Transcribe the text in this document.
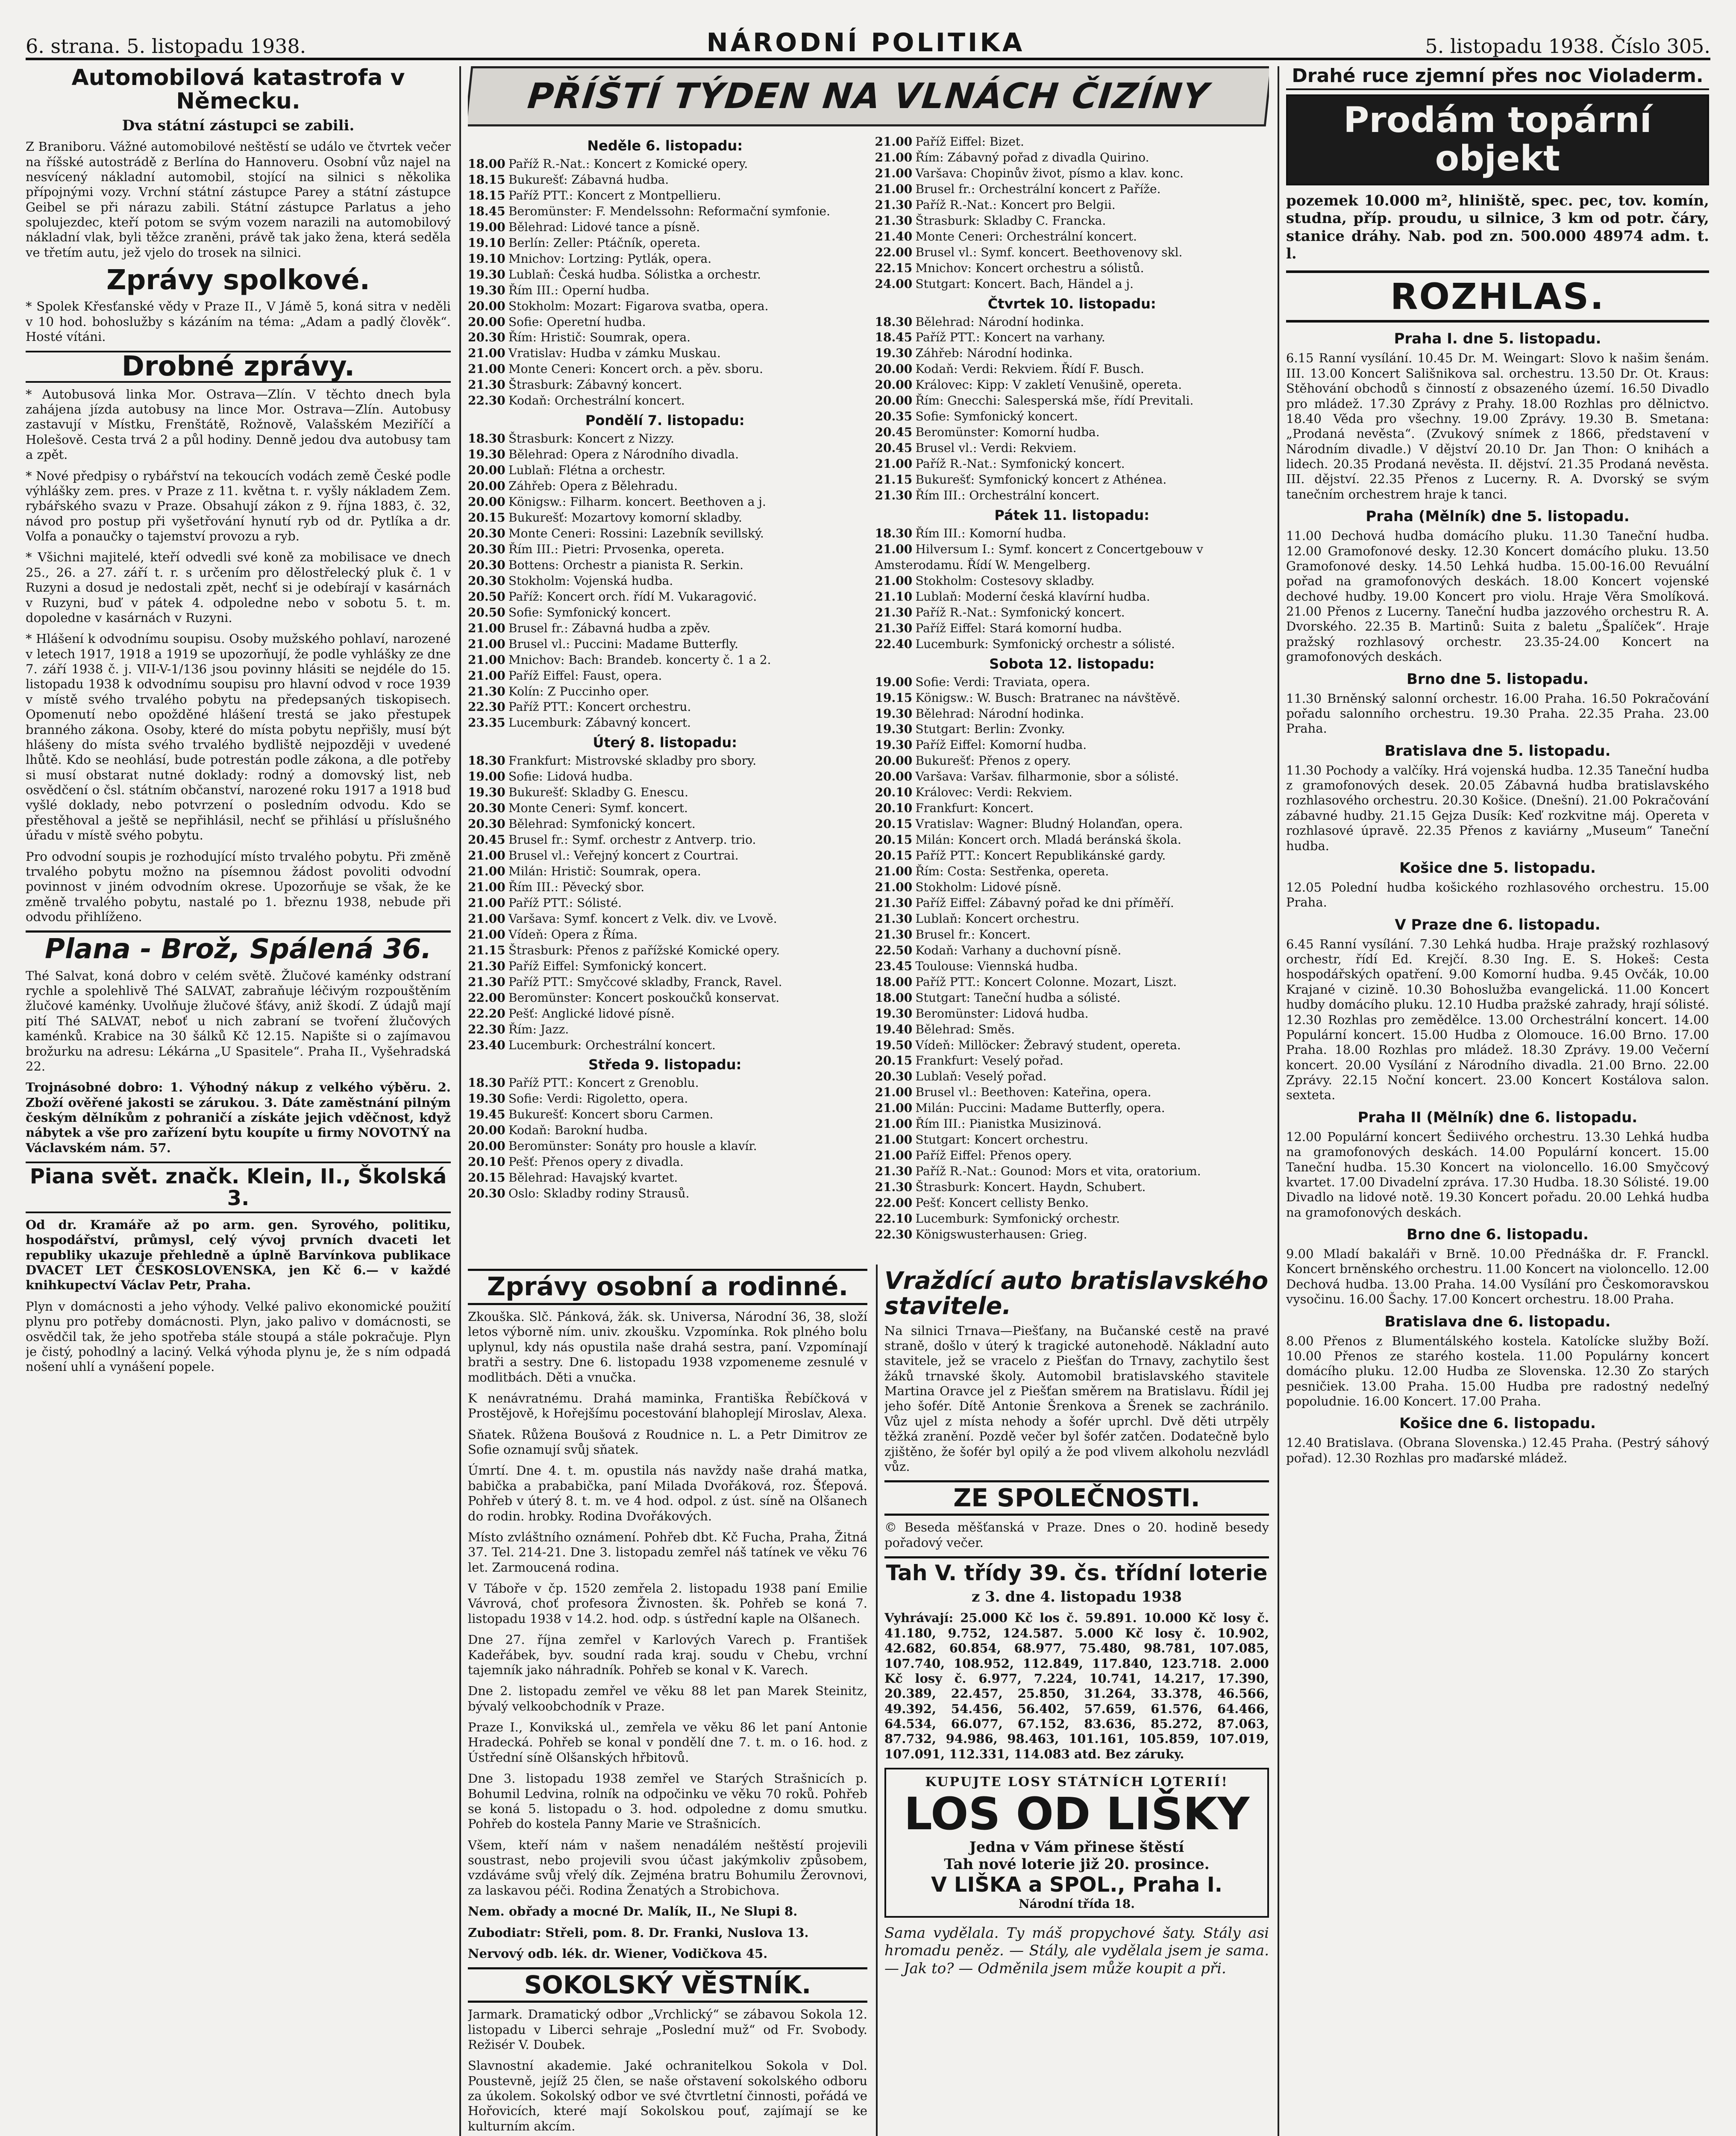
6. strana. 5. listopadu 1938.	NÁRODNÍ POLITIKA	5. listopadu 1938. Číslo 305.
Automobilová katastrofa v Německu.
Dva státní zástupci se zabili.

Z Braniboru. Vážné automobilové neštěstí se událo ve čtvrtek večer na říšské autostrádě z Berlína do Hannoveru. Osobní vůz najel na nesvícený nákladní automobil, stojící na silnici s několika přípojnými vozy. Vrchní státní zástupce Parey a státní zástupce Geibel se při nárazu zabili. Státní zástupce Parlatus a jeho spolujezdec, kteří potom se svým vozem narazili na automobilový nákladní vlak, byli těžce zraněni, právě tak jako žena, která seděla ve třetím autu, jež vjelo do trosek na silnici.

Zprávy spolkové.

* Spolek Křesťanské vědy v Praze II., V Jámě 5, koná sitra v neděli v 10 hod. bohoslužby s kázáním na téma: „Adam a padlý člověk“. Hosté vítáni.

Drobné zprávy.

* Autobusová linka Mor. Ostrava—Zlín. V těchto dnech byla zahájena jízda autobusy na lince Mor. Ostrava—Zlín. Autobusy zastavují v Místku, Frenštátě, Rožnově, Valašském Meziříčí a Holešově. Cesta trvá 2 a půl hodiny. Denně jedou dva autobusy tam a zpět.

* Nové předpisy o rybářství na tekoucích vodách země České podle výhlášky zem. pres. v Praze z 11. května t. r. vyšly nákladem Zem. rybářského svazu v Praze. Obsahují zákon z 9. října 1883, č. 32, návod pro postup při vyšetřování hynutí ryb od dr. Pytlíka a dr. Volfa a ponaučky o tajemství provozu a ryb.

* Všichni majitelé, kteří odvedli své koně za mobilisace ve dnech 25., 26. a 27. září t. r. s určením pro dělostřelecký pluk č. 1 v Ruzyni a dosud je nedostali zpět, nechť si je odebírají v kasárnách v Ruzyni, buď v pátek 4. odpoledne nebo v sobotu 5. t. m. dopoledne v kasárnách v Ruzyni.

* Hlášení k odvodnímu soupisu. Osoby mužského pohlaví, narozené v letech 1917, 1918 a 1919 se upozorňují, že podle vyhlášky ze dne 7. září 1938 č. j. VII-V-1/136 jsou povinny hlásiti se nejdéle do 15. listopadu 1938 k odvodnímu soupisu pro hlavní odvod v roce 1939 v místě svého trvalého pobytu na předepsaných tiskopisech. Opomenutí nebo opožděné hlášení trestá se jako přestupek branného zákona. Osoby, které do místa pobytu nepřišly, musí být hlášeny do místa svého trvalého bydliště nejpozději v uvedené lhůtě. Kdo se neohlásí, bude potrestán podle zákona, a dle potřeby si musí obstarat nutné doklady: rodný a domovský list, neb osvědčení o čsl. státním občanství, narozené roku 1917 a 1918 buď vyšlé doklady, nebo potvrzení o posledním odvodu. Kdo se přestěhoval a ještě se nepřihlásil, nechť se přihlásí u příslušného úřadu v místě svého pobytu.

Pro odvodní soupis je rozhodující místo trvalého pobytu. Při změně trvalého pobytu možno na písemnou žádost povoliti odvodní povinnost v jiném odvodním okrese. Upozorňuje se však, že ke změně trvalého pobytu, nastalé po 1. březnu 1938, nebude při odvodu přihlíženo.

Plana - Brož, Spálená 36.

Thé Salvat, koná dobro v celém světě. Žlučové kaménky odstraní rychle a spolehlivě Thé SALVAT, zabraňuje léčivým rozpouštěním žlučové kaménky. Uvolňuje žlučové šťávy, aniž škodí. Z údajů mají pití Thé SALVAT, neboť u nich zabraní se tvoření žlučových kaménků. Krabice na 30 šálků Kč 12.15. Napište si o zajímavou brožurku na adresu: Lékárna „U Spasitele“. Praha II., Vyšehradská 22.

Trojnásobné dobro: 1. Výhodný nákup z velkého výběru. 2. Zboží ověřené jakosti se zárukou. 3. Dáte zaměstnání pilným českým dělníkům z pohraničí a získáte jejich vděčnost, když nábytek a vše pro zařízení bytu koupíte u firmy NOVOTNÝ na Václavském nám. 57.

Piana svět. značk. Klein, II., Školská 3.

Od dr. Kramáře až po arm. gen. Syrového, politiku, hospodářství, průmysl, celý vývoj prvních dvaceti let republiky ukazuje přehledně a úplně Barvínkova publikace DVACET LET ČESKOSLOVENSKA, jen Kč 6.— v každé knihkupectví Václav Petr, Praha.

Plyn v domácnosti a jeho výhody. Velké palivo ekonomické použití plynu pro potřeby domácnosti. Plyn, jako palivo v domácnosti, se osvědčil tak, že jeho spotřeba stále stoupá a stále pokračuje. Plyn je čistý, pohodlný a laciný. Velká výhoda plynu je, že s ním odpadá nošení uhlí a vynášení popele.

PŘÍŠTÍ TÝDEN NA VLNÁCH ČIZÍNY
Neděle 6. listopadu:
18.00 Paříž R.-Nat.: Koncert z Komické opery.
18.15 Bukurešť: Zábavná hudba.
18.15 Paříž PTT.: Koncert z Montpellieru.
18.45 Beromünster: F. Mendelssohn: Reformační symfonie.
19.00 Bělehrad: Lidové tance a písně.
19.10 Berlín: Zeller: Ptáčník, opereta.
19.10 Mnichov: Lortzing: Pytlák, opera.
19.30 Lublaň: Česká hudba. Sólistka a orchestr.
19.30 Řím III.: Operní hudba.
20.00 Stokholm: Mozart: Figarova svatba, opera.
20.00 Sofie: Operetní hudba.
20.30 Řím: Hristič: Soumrak, opera.
21.00 Vratislav: Hudba v zámku Muskau.
21.00 Monte Ceneri: Koncert orch. a pěv. sboru.
21.30 Štrasburk: Zábavný koncert.
22.30 Kodaň: Orchestrální koncert.
Pondělí 7. listopadu:
18.30 Štrasburk: Koncert z Nizzy.
19.30 Bělehrad: Opera z Národního divadla.
20.00 Lublaň: Flétna a orchestr.
20.00 Záhřeb: Opera z Bělehradu.
20.00 Königsw.: Filharm. koncert. Beethoven a j.
20.15 Bukurešť: Mozartovy komorní skladby.
20.30 Monte Ceneri: Rossini: Lazebník sevillský.
20.30 Řím III.: Pietri: Prvosenka, opereta.
20.30 Bottens: Orchestr a pianista R. Serkin.
20.30 Stokholm: Vojenská hudba.
20.50 Paříž: Koncert orch. řídí M. Vukaragović.
20.50 Sofie: Symfonický koncert.
21.00 Brusel fr.: Zábavná hudba a zpěv.
21.00 Brusel vl.: Puccini: Madame Butterfly.
21.00 Mnichov: Bach: Brandeb. koncerty č. 1 a 2.
21.00 Paříž Eiffel: Faust, opera.
21.30 Kolín: Z Puccinho oper.
22.30 Paříž PTT.: Koncert orchestru.
23.35 Lucemburk: Zábavný koncert.
Úterý 8. listopadu:
18.30 Frankfurt: Mistrovské skladby pro sbory.
19.00 Sofie: Lidová hudba.
19.30 Bukurešť: Skladby G. Enescu.
20.30 Monte Ceneri: Symf. koncert.
20.30 Bělehrad: Symfonický koncert.
20.45 Brusel fr.: Symf. orchestr z Antverp. trio.
21.00 Brusel vl.: Veřejný koncert z Courtrai.
21.00 Milán: Hristič: Soumrak, opera.
21.00 Řím III.: Pěvecký sbor.
21.00 Paříž PTT.: Sólisté.
21.00 Varšava: Symf. koncert z Velk. div. ve Lvově.
21.00 Vídeň: Opera z Říma.
21.15 Štrasburk: Přenos z pařížské Komické opery.
21.30 Paříž Eiffel: Symfonický koncert.
21.30 Paříž PTT.: Smyčcové skladby, Franck, Ravel.
22.00 Beromünster: Koncert poskoučků konservat.
22.20 Pešť: Anglické lidové písně.
22.30 Řím: Jazz.
23.40 Lucemburk: Orchestrální koncert.
Středa 9. listopadu:
18.30 Paříž PTT.: Koncert z Grenoblu.
19.30 Sofie: Verdi: Rigoletto, opera.
19.45 Bukurešť: Koncert sboru Carmen.
20.00 Kodaň: Barokní hudba.
20.00 Beromünster: Sonáty pro housle a klavír.
20.10 Pešť: Přenos opery z divadla.
20.15 Bělehrad: Havajský kvartet.
20.30 Oslo: Skladby rodiny Strausů.
21.00 Paříž Eiffel: Bizet.
21.00 Řím: Zábavný pořad z divadla Quirino.
21.00 Varšava: Chopinův život, písmo a klav. konc.
21.00 Brusel fr.: Orchestrální koncert z Paříže.
21.30 Paříž R.-Nat.: Koncert pro Belgii.
21.30 Štrasburk: Skladby C. Francka.
21.40 Monte Ceneri: Orchestrální koncert.
22.00 Brusel vl.: Symf. koncert. Beethovenovy skl.
22.15 Mnichov: Koncert orchestru a sólistů.
24.00 Stutgart: Koncert. Bach, Händel a j.
Čtvrtek 10. listopadu:
18.30 Bělehrad: Národní hodinka.
18.45 Paříž PTT.: Koncert na varhany.
19.30 Záhřeb: Národní hodinka.
20.00 Kodaň: Verdi: Rekviem. Řídí F. Busch.
20.00 Královec: Kipp: V zakletí Venušině, opereta.
20.00 Řím: Gnecchi: Salesperská mše, řídí Previtali.
20.35 Sofie: Symfonický koncert.
20.45 Beromünster: Komorní hudba.
20.45 Brusel vl.: Verdi: Rekviem.
21.00 Paříž R.-Nat.: Symfonický koncert.
21.15 Bukurešť: Symfonický koncert z Athénea.
21.30 Řím III.: Orchestrální koncert.
Pátek 11. listopadu:
18.30 Řím III.: Komorní hudba.
21.00 Hilversum I.: Symf. koncert z Concertgebouw v Amsterodamu. Řídí W. Mengelberg.
21.00 Stokholm: Costesovy skladby.
21.10 Lublaň: Moderní česká klavírní hudba.
21.30 Paříž R.-Nat.: Symfonický koncert.
21.30 Paříž Eiffel: Stará komorní hudba.
22.40 Lucemburk: Symfonický orchestr a sólisté.
Sobota 12. listopadu:
19.00 Sofie: Verdi: Traviata, opera.
19.15 Königsw.: W. Busch: Bratranec na návštěvě.
19.30 Bělehrad: Národní hodinka.
19.30 Stutgart: Berlin: Zvonky.
19.30 Paříž Eiffel: Komorní hudba.
20.00 Bukurešť: Přenos z opery.
20.00 Varšava: Varšav. filharmonie, sbor a sólisté.
20.10 Královec: Verdi: Rekviem.
20.10 Frankfurt: Koncert.
20.15 Vratislav: Wagner: Bludný Holanďan, opera.
20.15 Milán: Koncert orch. Mladá beránská škola.
20.15 Paříž PTT.: Koncert Republikánské gardy.
21.00 Řím: Costa: Sestřenka, opereta.
21.00 Stokholm: Lidové písně.
21.30 Paříž Eiffel: Zábavný pořad ke dni příměří.
21.30 Lublaň: Koncert orchestru.
21.30 Brusel fr.: Koncert.
22.50 Kodaň: Varhany a duchovní písně.
23.45 Toulouse: Viennská hudba.
18.00 Paříž PTT.: Koncert Colonne. Mozart, Liszt.
18.00 Stutgart: Taneční hudba a sólisté.
19.30 Beromünster: Lidová hudba.
19.40 Bělehrad: Směs.
19.50 Vídeň: Millöcker: Žebravý student, opereta.
20.15 Frankfurt: Veselý pořad.
20.30 Lublaň: Veselý pořad.
21.00 Brusel vl.: Beethoven: Kateřina, opera.
21.00 Milán: Puccini: Madame Butterfly, opera.
21.00 Řím III.: Pianistka Musizinová.
21.00 Stutgart: Koncert orchestru.
21.00 Paříž Eiffel: Přenos opery.
21.30 Paříž R.-Nat.: Gounod: Mors et vita, oratorium.
21.30 Štrasburk: Koncert. Haydn, Schubert.
22.00 Pešť: Koncert cellisty Benko.
22.10 Lucemburk: Symfonický orchestr.
22.30 Königswusterhausen: Grieg.
Zprávy osobní a rodinné.

Zkouška. Slč. Pánková, žák. sk. Universa, Národní 36, 38, složí letos výborně ním. univ. zkoušku. Vzpomínka. Rok plného bolu uplynul, kdy nás opustila naše drahá sestra, paní. Vzpomínají bratři a sestry. Dne 6. listopadu 1938 vzpomeneme zesnulé v modlitbách. Děti a vnučka.

K nenávratnému. Drahá maminka, Františka Řebíčková v Prostějově, k Hořejšímu pocestování blahoplejí Miroslav, Alexa.

Sňatek. Růžena Boušová z Roudnice n. L. a Petr Dimitrov ze Sofie oznamují svůj sňatek.

Úmrtí. Dne 4. t. m. opustila nás navždy naše drahá matka, babička a prababička, paní Milada Dvořáková, roz. Šťepová. Pohřeb v úterý 8. t. m. ve 4 hod. odpol. z úst. síně na Olšanech do rodin. hrobky. Rodina Dvořákových.

Místo zvláštního oznámení. Pohřeb dbt. Kč Fucha, Praha, Žitná 37. Tel. 214-21. Dne 3. listopadu zemřel náš tatínek ve věku 76 let. Zarmoucená rodina.

V Táboře v čp. 1520 zemřela 2. listopadu 1938 paní Emilie Vávrová, choť profesora Živnosten. šk. Pohřeb se koná 7. listopadu 1938 v 14.2. hod. odp. s ústřední kaple na Olšanech.

Dne 27. října zemřel v Karlových Varech p. František Kadeřábek, byv. soudní rada kraj. soudu v Chebu, vrchní tajemník jako náhradník. Pohřeb se konal v K. Varech.

Dne 2. listopadu zemřel ve věku 88 let pan Marek Steinitz, bývalý velkoobchodník v Praze.

Praze I., Konvikská ul., zemřela ve věku 86 let paní Antonie Hradecká. Pohřeb se konal v pondělí dne 7. t. m. o 16. hod. z Ústřední síně Olšanských hřbitovů.

Dne 3. listopadu 1938 zemřel ve Starých Strašnicích p. Bohumil Ledvina, rolník na odpočinku ve věku 70 roků. Pohřeb se koná 5. listopadu o 3. hod. odpoledne z domu smutku. Pohřeb do kostela Panny Marie ve Strašnicích.

Všem, kteří nám v našem nenadálém neštěstí projevili soustrast, nebo projevili svou účast jakýmkoliv způsobem, vzdáváme svůj vřelý dík. Zejména bratru Bohumilu Žerovnovi, za laskavou péči. Rodina Ženatých a Strobichova.

Nem. obřady a mocné Dr. Malík, II., Ne Slupi 8.

Zubodiatr: Střeli, pom. 8. Dr. Franki, Nuslova 13.

Nervový odb. lék. dr. Wiener, Vodičkova 45.

SOKOLSKÝ VĚSTNÍK.

Jarmark. Dramatický odbor „Vrchlický“ se zábavou Sokola 12. listopadu v Liberci sehraje „Poslední muž“ od Fr. Svobody. Režisér V. Doubek.

Slavnostní akademie. Jaké ochranitelkou Sokola v Dol. Poustevně, jejíž 25 člen, se naše ořstavení sokolského odboru za úkolem. Sokolský odbor ve své čtvrtletní činnosti, pořádá ve Hořovicích, které mají Sokolskou pouť, zajímají se ke kulturním akcím.

Vraždící auto bratislavského stavitele.

Na silnici Trnava—Piešťany, na Bučanské cestě na pravé straně, došlo v úterý k tragické autonehodě. Nákladní auto stavitele, jež se vracelo z Piešťan do Trnavy, zachytilo šest žáků trnavské školy. Automobil bratislavského stavitele Martina Oravce jel z Piešťan směrem na Bratislavu. Řídil jej jeho šofér. Dítě Antonie Šrenkova a Šrenek se zachránilo. Vůz ujel z místa nehody a šofér uprchl. Dvě děti utrpěly těžká zranění. Pozdě večer byl šofér zatčen. Dodatečně bylo zjištěno, že šofér byl opilý a že pod vlivem alkoholu nezvládl vůz.

ZE SPOLEČNOSTI.

© Beseda měšťanská v Praze. Dnes o 20. hodině besedy pořadový večer.

Tah V. třídy 39. čs. třídní loterie
z 3. dne 4. listopadu 1938

Vyhrávají: 25.000 Kč los č. 59.891. 10.000 Kč losy č. 41.180, 9.752, 124.587. 5.000 Kč losy č. 10.902, 42.682, 60.854, 68.977, 75.480, 98.781, 107.085, 107.740, 108.952, 112.849, 117.840, 123.718. 2.000 Kč losy č. 6.977, 7.224, 10.741, 14.217, 17.390, 20.389, 22.457, 25.850, 31.264, 33.378, 46.566, 49.392, 54.456, 56.402, 57.659, 61.576, 64.466, 64.534, 66.077, 67.152, 83.636, 85.272, 87.063, 87.732, 94.986, 98.463, 101.161, 105.859, 107.019, 107.091, 112.331, 114.083 atd. Bez záruky.

KUPUJTE LOSY STÁTNÍCH LOTERIÍ!
LOS OD LIŠKY
Jedna v Vám přinese štěstí
Tah nové loterie již 20. prosince.
V LIŠKA a SPOL., Praha I.
Národní třída 18.

Sama vydělala. Ty máš propychové šaty. Stály asi hromadu peněz. — Stály, ale vydělala jsem je sama. — Jak to? — Odměnila jsem může koupit a při.

Drahé ruce zjemní přes noc Violaderm.
Prodám topární objekt

pozemek 10.000 m², hliniště, spec. pec, tov. komín, studna, příp. proudu, u silnice, 3 km od potr. čáry, stanice dráhy. Nab. pod zn. 500.000 48974 adm. t. l.

ROZHLAS.
Praha I. dne 5. listopadu.

6.15 Ranní vysílání. 10.45 Dr. M. Weingart: Slovo k našim šenám. III. 13.00 Koncert Sališnikova sal. orchestru. 13.50 Dr. Ot. Kraus: Stěhování obchodů s činností z obsazeného území. 16.50 Divadlo pro mládež. 17.30 Zprávy z Prahy. 18.00 Rozhlas pro dělnictvo. 18.40 Věda pro všechny. 19.00 Zprávy. 19.30 B. Smetana: „Prodaná nevěsta“. (Zvukový snímek z 1866, představení v Národním divadle.) V dějství 20.10 Dr. Jan Thon: O knihách a lidech. 20.35 Prodaná nevěsta. II. dějství. 21.35 Prodaná nevěsta. III. dějství. 22.35 Přenos z Lucerny. R. A. Dvorský se svým tanečním orchestrem hraje k tanci.

Praha (Mělník) dne 5. listopadu.

11.00 Dechová hudba domácího pluku. 11.30 Taneční hudba. 12.00 Gramofonové desky. 12.30 Koncert domácího pluku. 13.50 Gramofonové desky. 14.50 Lehká hudba. 15.00-16.00 Revuální pořad na gramofonových deskách. 18.00 Koncert vojenské dechové hudby. 19.00 Koncert pro violu. Hraje Věra Smolíková. 21.00 Přenos z Lucerny. Taneční hudba jazzového orchestru R. A. Dvorského. 22.35 B. Martinů: Suita z baletu „Špalíček“. Hraje pražský rozhlasový orchestr. 23.35-24.00 Koncert na gramofonových deskách.

Brno dne 5. listopadu.

11.30 Brněnský salonní orchestr. 16.00 Praha. 16.50 Pokračování pořadu salonního orchestru. 19.30 Praha. 22.35 Praha. 23.00 Praha.

Bratislava dne 5. listopadu.

11.30 Pochody a valčíky. Hrá vojenská hudba. 12.35 Taneční hudba z gramofonových desek. 20.05 Zábavná hudba bratislavského rozhlasového orchestru. 20.30 Košice. (Dnešní). 21.00 Pokračování zábavné hudby. 21.15 Gejza Dusík: Keď rozkvitne máj. Opereta v rozhlasové úpravě. 22.35 Přenos z kaviárny „Museum“ Taneční hudba.

Košice dne 5. listopadu.

12.05 Polední hudba košického rozhlasového orchestru. 15.00 Praha.

V Praze dne 6. listopadu.

6.45 Ranní vysílání. 7.30 Lehká hudba. Hraje pražský rozhlasový orchestr, řídí Ed. Krejčí. 8.30 Ing. E. S. Hokeš: Cesta hospodářských opatření. 9.00 Komorní hudba. 9.45 Ovčák, 10.00 Krajané v cizině. 10.30 Bohoslužba evangelická. 11.00 Koncert hudby domácího pluku. 12.10 Hudba pražské zahrady, hrají sólisté. 12.30 Rozhlas pro zemědělce. 13.00 Orchestrální koncert. 14.00 Populární koncert. 15.00 Hudba z Olomouce. 16.00 Brno. 17.00 Praha. 18.00 Rozhlas pro mládež. 18.30 Zprávy. 19.00 Večerní koncert. 20.00 Vysílání z Národního divadla. 21.00 Brno. 22.00 Zprávy. 22.15 Noční koncert. 23.00 Koncert Kostálova salon. sexteta.

Praha II (Mělník) dne 6. listopadu.

12.00 Populární koncert Šediivého orchestru. 13.30 Lehká hudba na gramofonových deskách. 14.00 Populární koncert. 15.00 Taneční hudba. 15.30 Koncert na violoncello. 16.00 Smyčcový kvartet. 17.00 Divadelní zpráva. 17.30 Hudba. 18.30 Sólisté. 19.00 Divadlo na lidové notě. 19.30 Koncert pořadu. 20.00 Lehká hudba na gramofonových deskách.

Brno dne 6. listopadu.

9.00 Mladí bakaláři v Brně. 10.00 Přednáška dr. F. Franckl. Koncert brněnského orchestru. 11.00 Koncert na violoncello. 12.00 Dechová hudba. 13.00 Praha. 14.00 Vysílání pro Českomoravskou vysočinu. 16.00 Šachy. 17.00 Koncert orchestru. 18.00 Praha.

Bratislava dne 6. listopadu.

8.00 Přenos z Blumentálského kostela. Katolícke služby Boží. 10.00 Přenos ze starého kostela. 11.00 Populárny koncert domácího pluku. 12.00 Hudba ze Slovenska. 12.30 Zo starých pesničiek. 13.00 Praha. 15.00 Hudba pre radostný nedeľný popoludnie. 16.00 Koncert. 17.00 Praha.

Košice dne 6. listopadu.

12.40 Bratislava. (Obrana Slovenska.) 12.45 Praha. (Pestrý sáhový pořad). 12.30 Rozhlas pro maďarské mládež.
